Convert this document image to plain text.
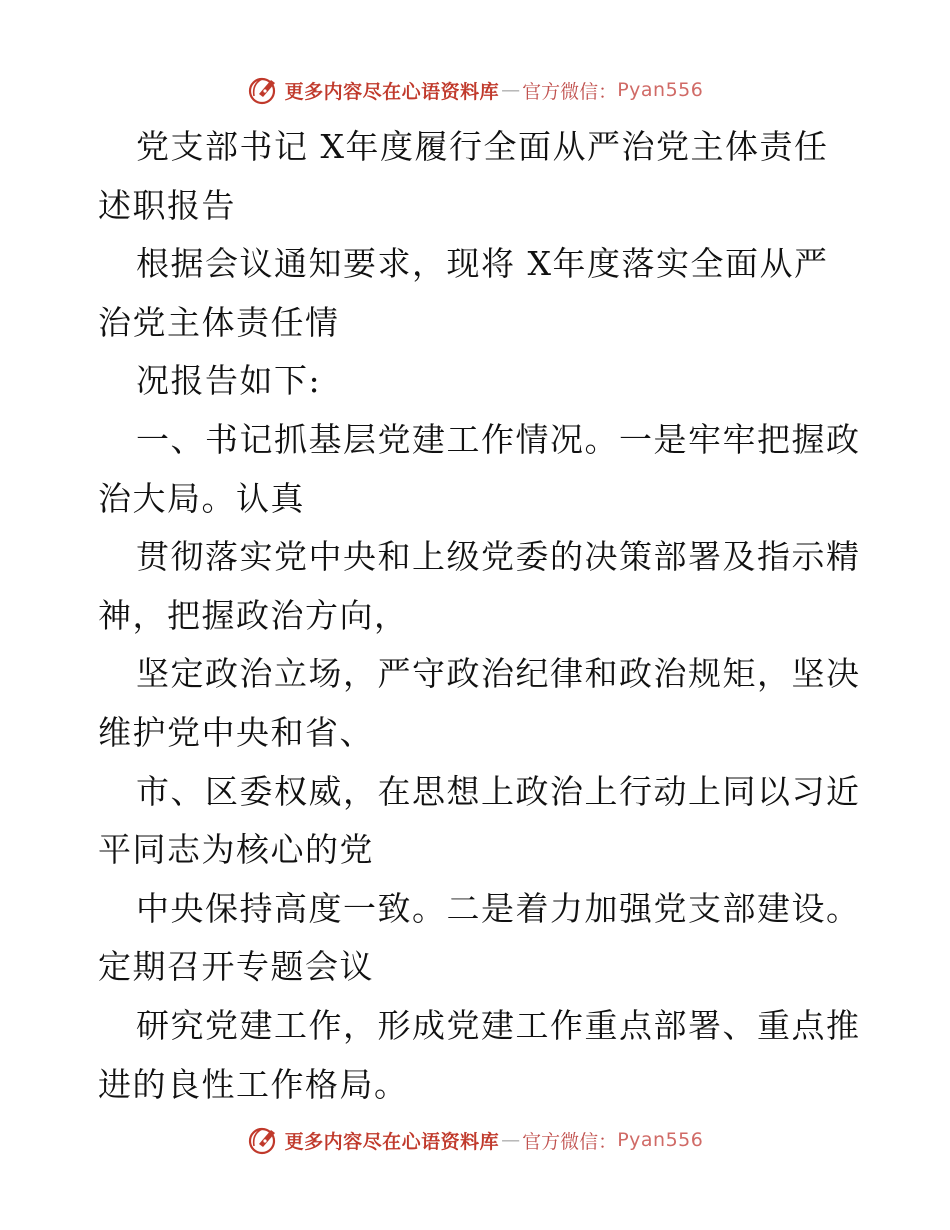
更多内容尽在心语资料库 — 官方微信： Pyan556
党支部书记 X年度履行全面从严治党主体责任
述职报告
根据会议通知要求，现将 X年度落实全面从严
治党主体责任情
况报告如下:
一、书记抓基层党建工作情况。一是牢牢把握政
治大局。认真
贯彻落实党中央和上级党委的决策部署及指示精
神，把握政治方向，
坚定政治立场，严守政治纪律和政治规矩，坚决
维护党中央和省、
市、区委权威，在思想上政治上行动上同以习近
平同志为核心的党
中央保持高度一致。二是着力加强党支部建设。
定期召开专题会议
研究党建工作，形成党建工作重点部署、重点推
进的良性工作格局。
更多内容尽在心语资料库 — 官方微信： Pyan556
